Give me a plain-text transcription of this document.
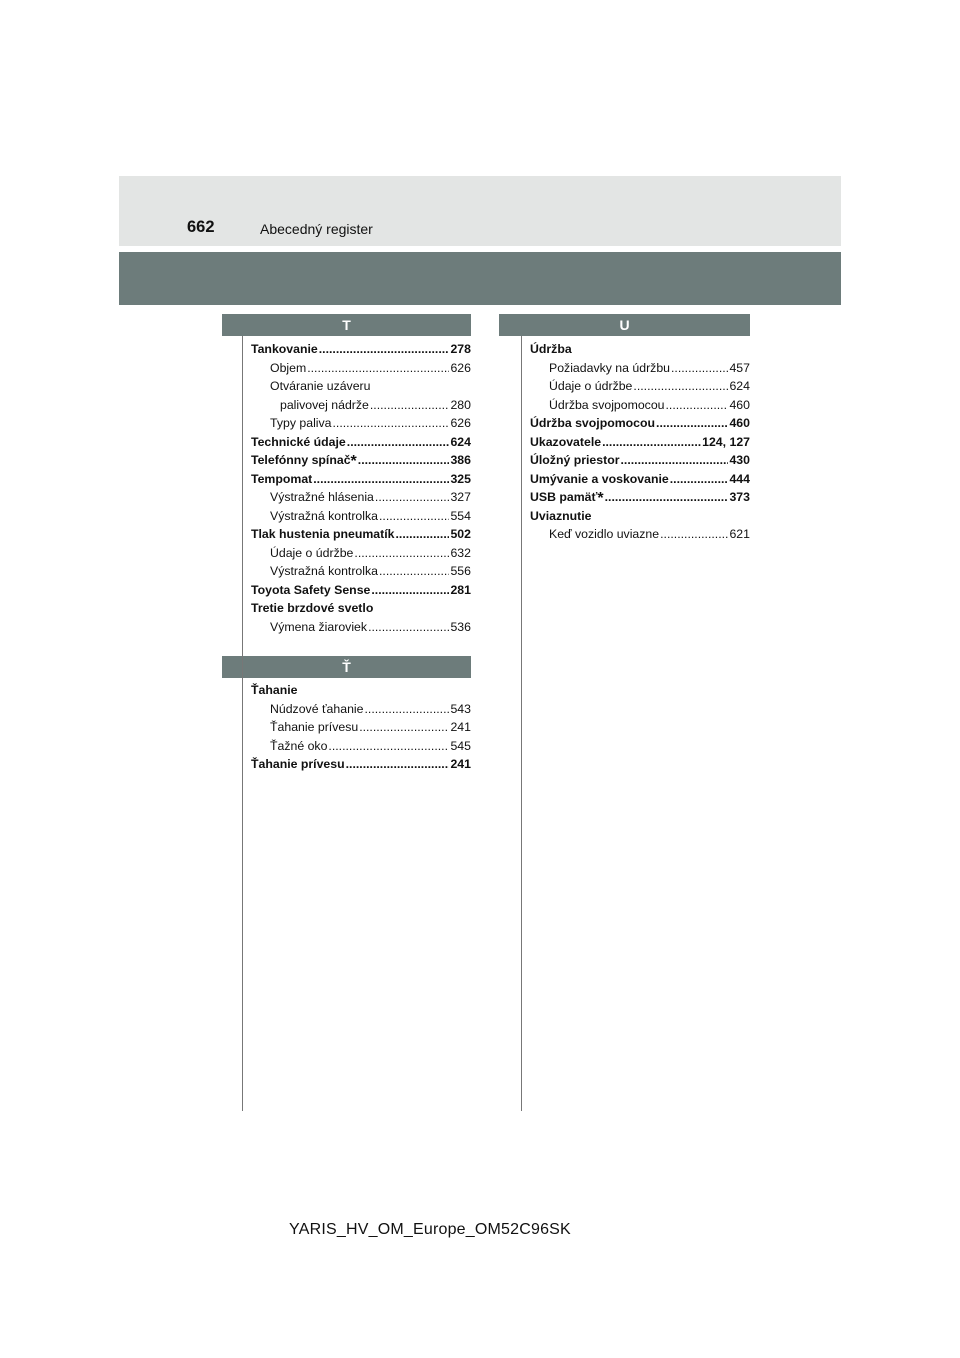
662	Abecedný register
T	U
Ť
Tankovanie .....	278
Objem .....	626
Otváranie uzáveru
palivovej nádrže .....	280
Typy paliva .....	626
Technické údaje .....	624
Telefónny spínač* .....	386
Tempomat .....	325
Výstražné hlásenia .....	327
Výstražná kontrolka .....	554
Tlak hustenia pneumatík .....	502
Údaje o údržbe .....	632
Výstražná kontrolka .....	556
Toyota Safety Sense .....	281
Tretie brzdové svetlo
Výmena žiaroviek .....	536
Údržba
Požiadavky na údržbu .....	457
Údaje o údržbe .....	624
Údržba svojpomocou .....	460
Údržba svojpomocou .....	460
Ukazovatele .....	124, 127
Úložný priestor .....	430
Umývanie a voskovanie .....	444
USB pamäť* .....	373
Uviaznutie
Keď vozidlo uviazne .....	621
Ťahanie
Núdzové ťahanie .....	543
Ťahanie prívesu .....	241
Ťažné oko .....	545
Ťahanie prívesu .....	241
YARIS_HV_OM_Europe_OM52C96SK
